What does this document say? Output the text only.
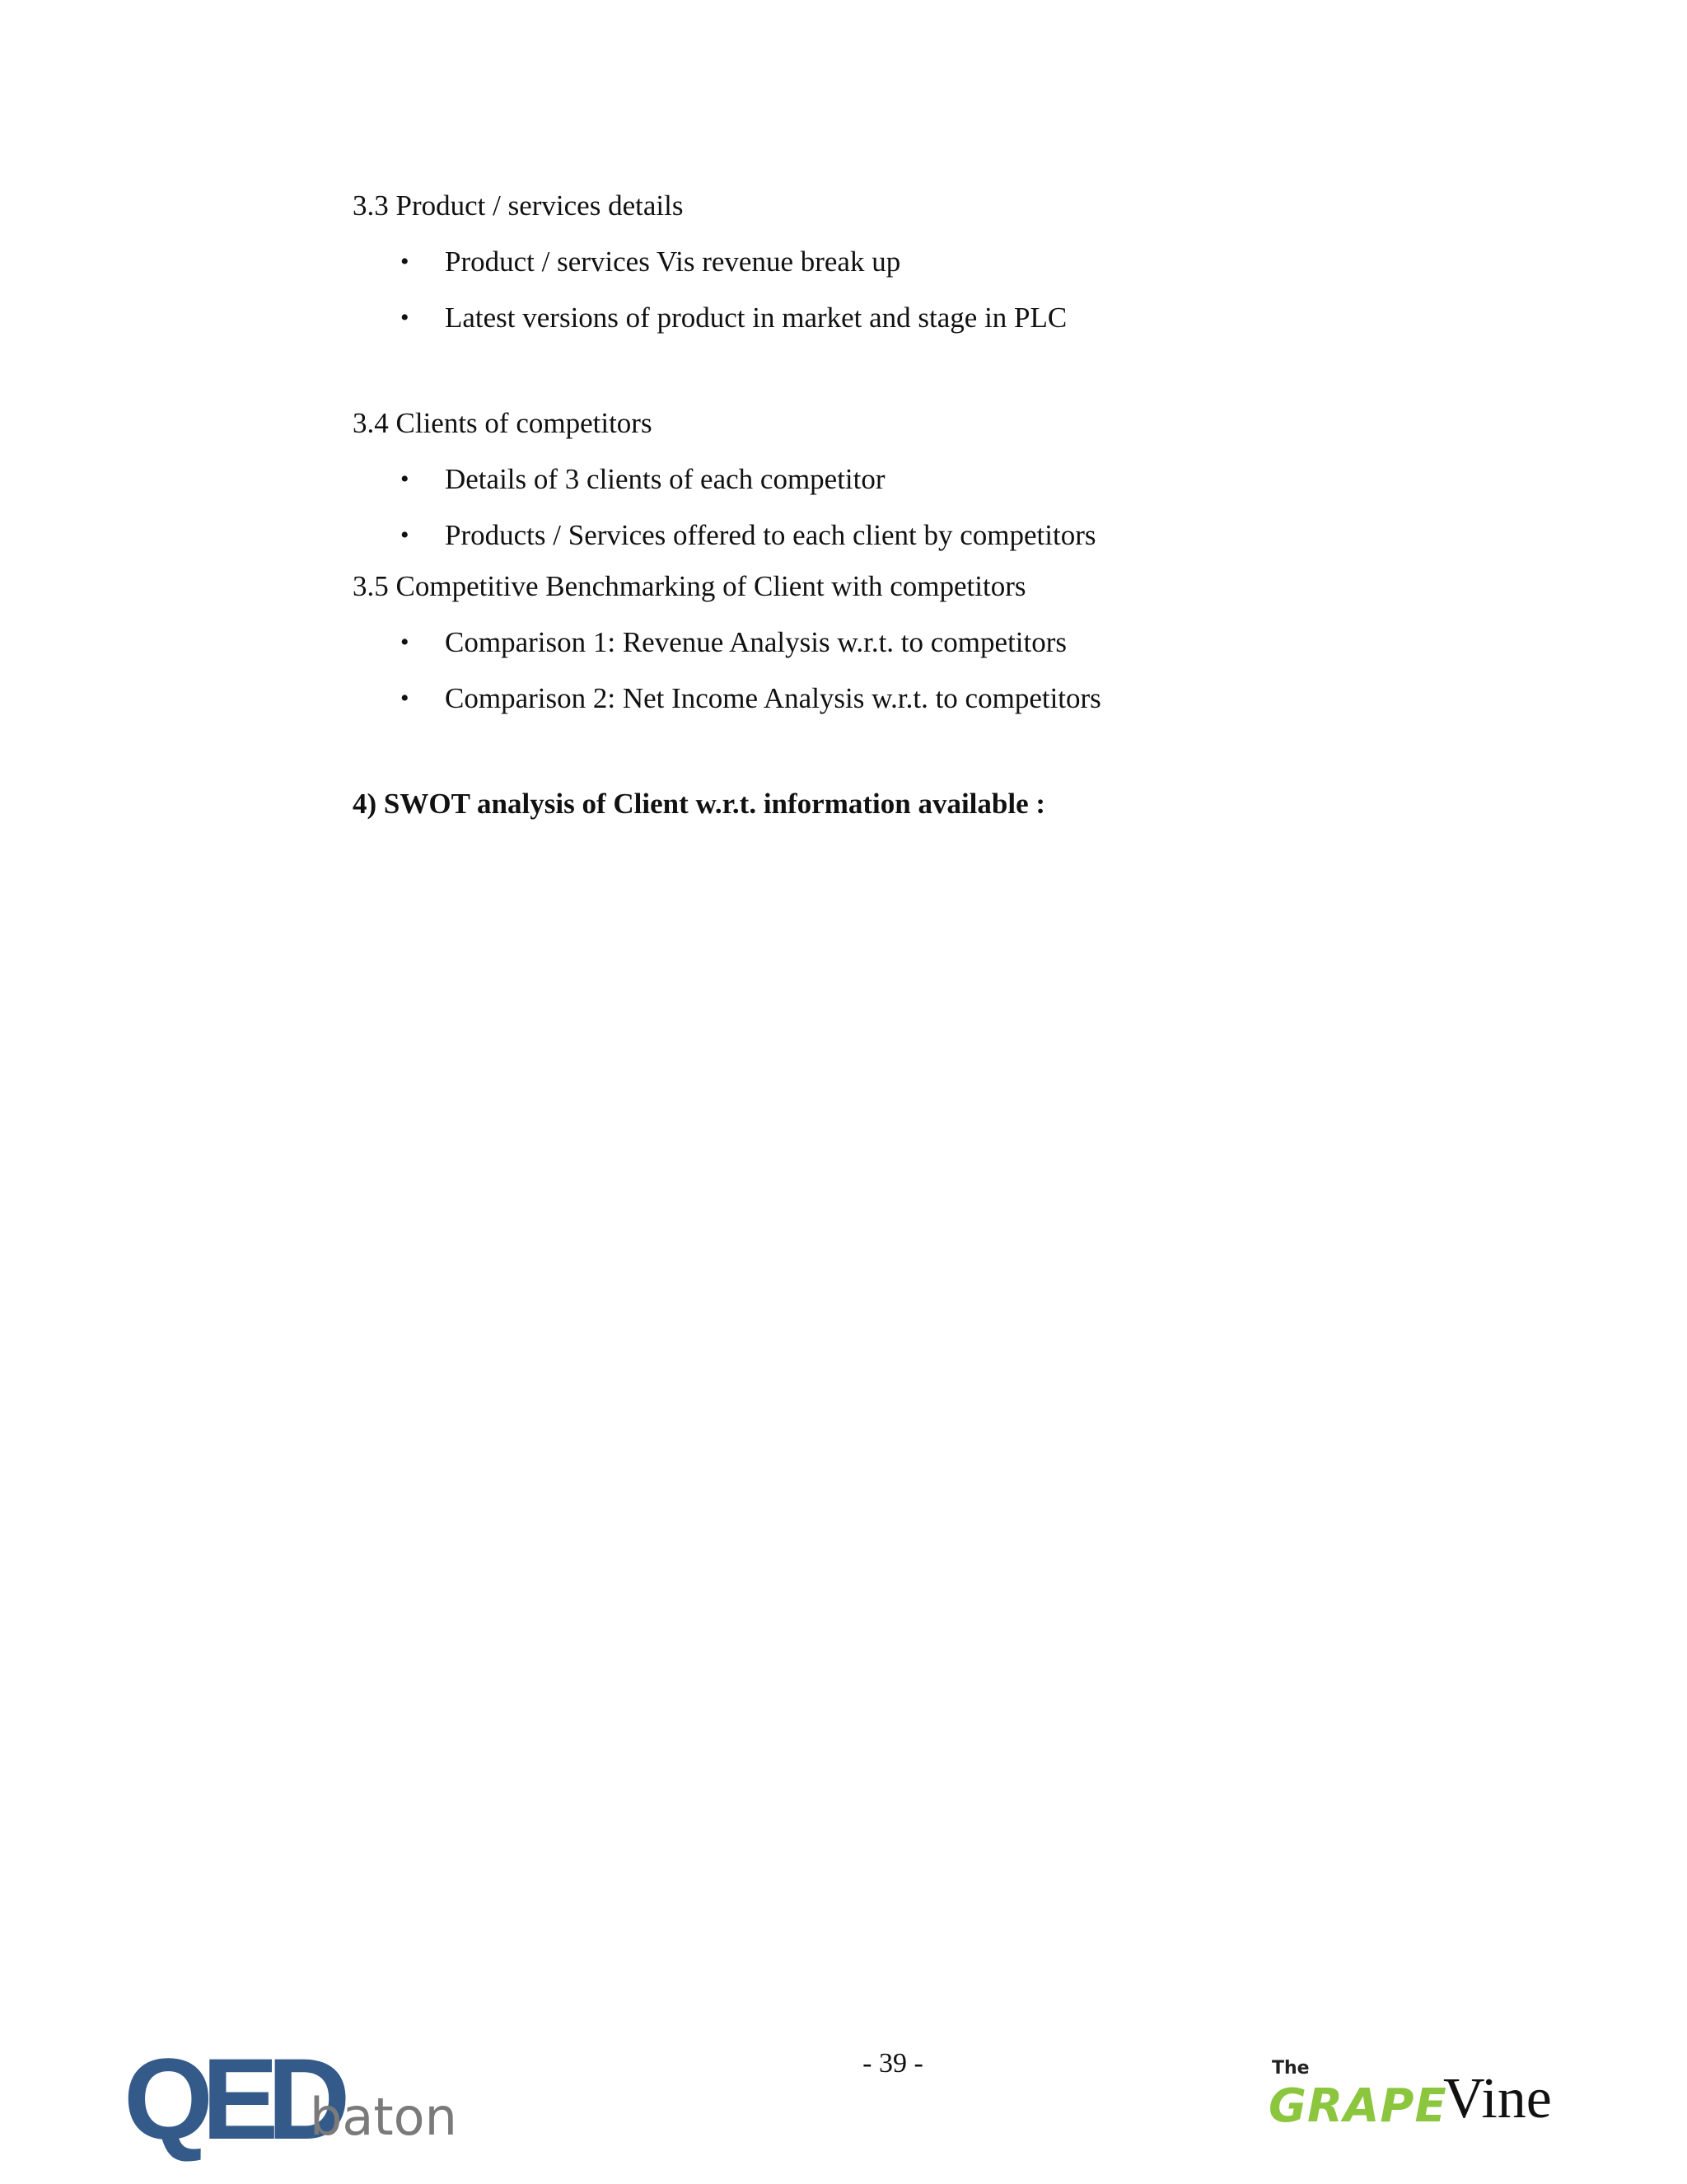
3.3 Product / services details
• Product / services Vis revenue break up
• Latest versions of product in market and stage in PLC
3.4 Clients of competitors
• Details of 3 clients of each competitor
• Products / Services offered to each client by competitors
3.5 Competitive Benchmarking of Client with competitors
• Comparison 1: Revenue Analysis w.r.t. to competitors
• Comparison 2: Net Income Analysis w.r.t. to competitors
4) SWOT analysis of Client w.r.t. information available :
- 39 -
QED
baton
The
GRAPE
Vine
